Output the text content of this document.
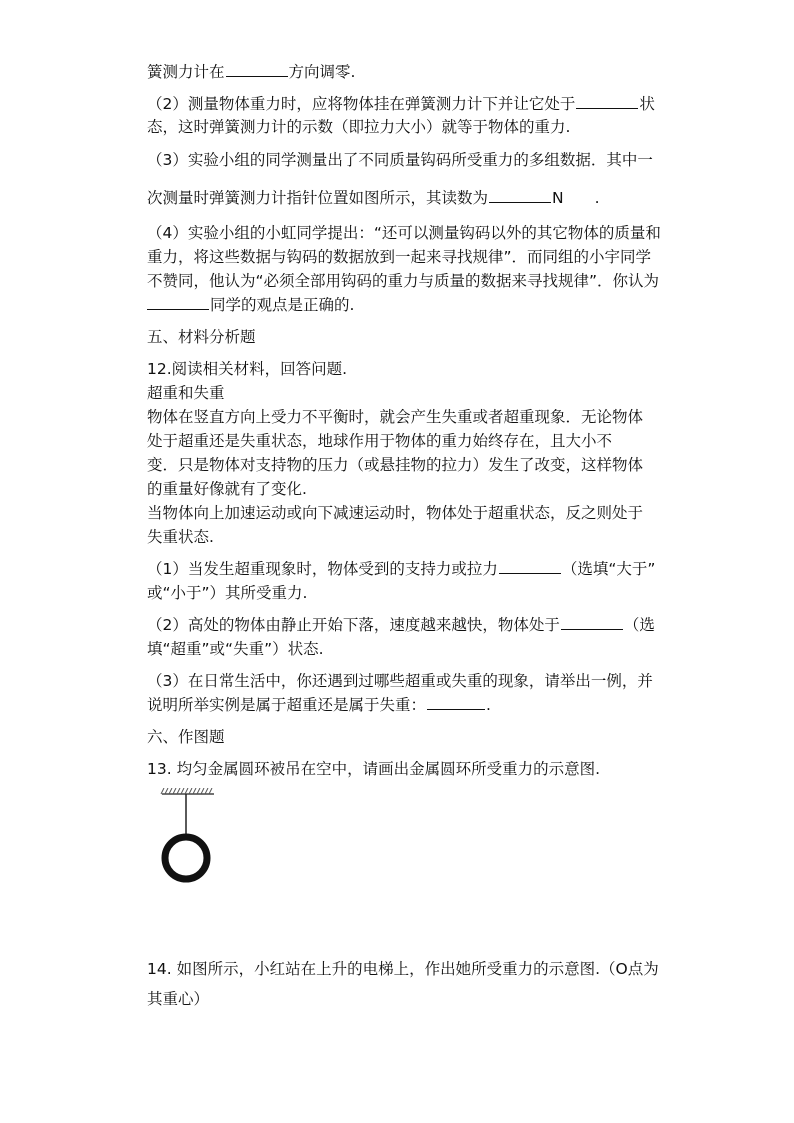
簧测力计在	方向调零.
（2）测量物体重力时，应将物体挂在弹簧测力计下并让它处于	状
态，这时弹簧测力计的示数（即拉力大小）就等于物体的重力.
（3）实验小组的同学测量出了不同质量钩码所受重力的多组数据．其中一
次测量时弹簧测力计指针位置如图所示，其读数为	N　　.
（4）实验小组的小虹同学提出：“还可以测量钩码以外的其它物体的质量和
重力，将这些数据与钩码的数据放到一起来寻找规律”．而同组的小宇同学
不赞同，他认为“必须全部用钩码的重力与质量的数据来寻找规律”．你认为
同学的观点是正确的.
五、材料分析题
12.阅读相关材料，回答问题.
超重和失重
物体在竖直方向上受力不平衡时，就会产生失重或者超重现象．无论物体
处于超重还是失重状态，地球作用于物体的重力始终存在，且大小不
变．只是物体对支持物的压力（或悬挂物的拉力）发生了改变，这样物体
的重量好像就有了变化.
当物体向上加速运动或向下减速运动时，物体处于超重状态，反之则处于
失重状态.
（1）当发生超重现象时，物体受到的支持力或拉力	（选填“大于”
或“小于”）其所受重力.
（2）高处的物体由静止开始下落，速度越来越快，物体处于	（选
填“超重”或“失重”）状态.
（3）在日常生活中，你还遇到过哪些超重或失重的现象，请举出一例，并
说明所举实例是属于超重还是属于失重：	.
六、作图题
13. 均匀金属圆环被吊在空中，请画出金属圆环所受重力的示意图.
14. 如图所示，小红站在上升的电梯上，作出她所受重力的示意图.（O点为
其重心）
